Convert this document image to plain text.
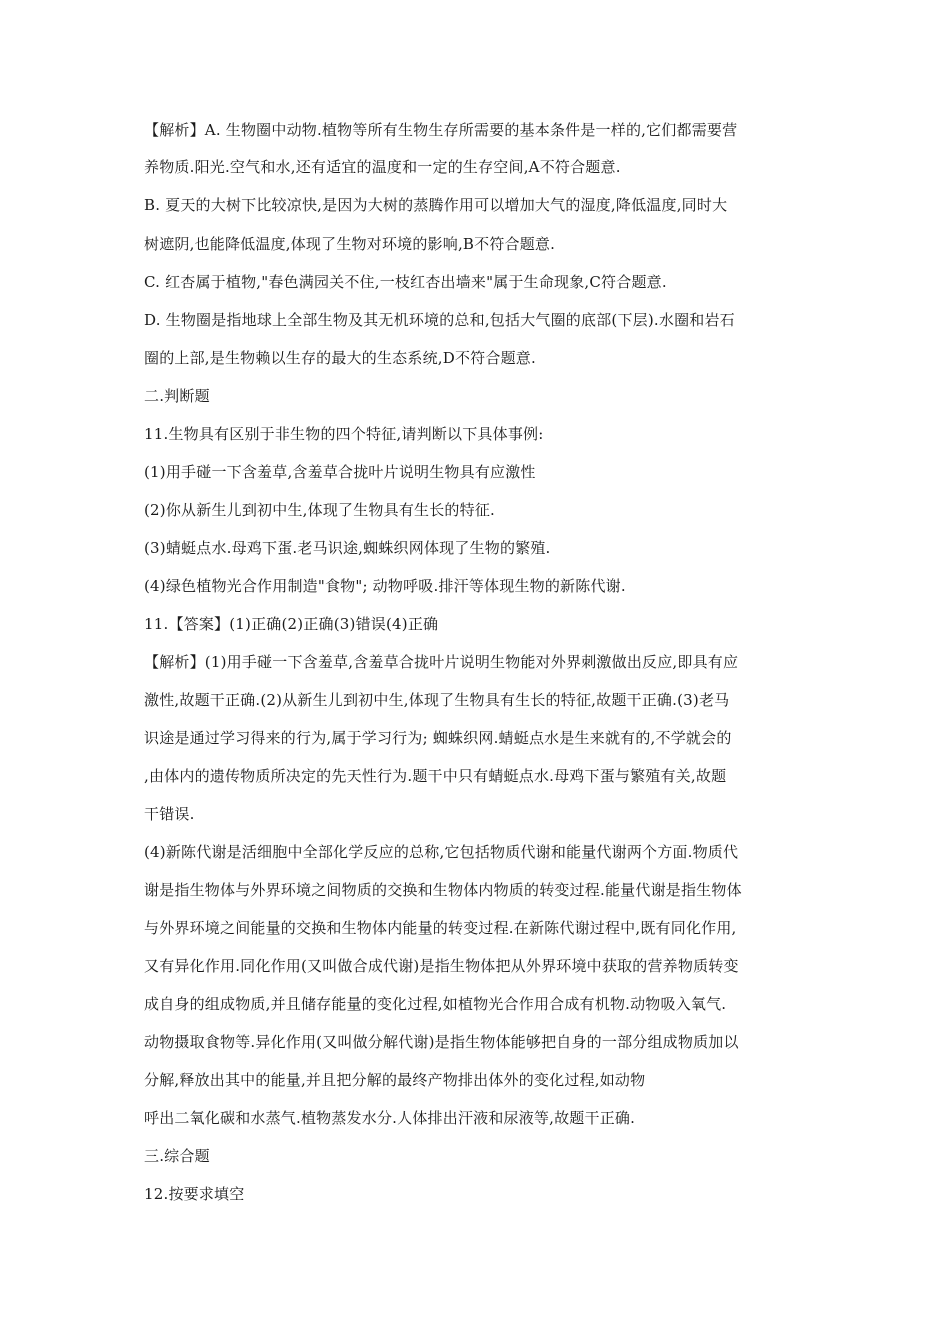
【解析】A. 生物圈中动物.植物等所有生物生存所需要的基本条件是一样的,它们都需要营
养物质.阳光.空气和水,还有适宜的温度和一定的生存空间,A不符合题意.
B. 夏天的大树下比较凉快,是因为大树的蒸腾作用可以增加大气的湿度,降低温度,同时大
树遮阴,也能降低温度,体现了生物对环境的影响,B不符合题意.
C. 红杏属于植物,"春色满园关不住,一枝红杏出墙来"属于生命现象,C符合题意.
D. 生物圈是指地球上全部生物及其无机环境的总和,包括大气圈的底部(下层).水圈和岩石
圈的上部,是生物赖以生存的最大的生态系统,D不符合题意.
二.判断题
11.生物具有区别于非生物的四个特征,请判断以下具体事例:
(1)用手碰一下含羞草,含羞草合拢叶片说明生物具有应激性
(2)你从新生儿到初中生,体现了生物具有生长的特征.
(3)蜻蜓点水.母鸡下蛋.老马识途,蜘蛛织网体现了生物的繁殖.
(4)绿色植物光合作用制造"食物"; 动物呼吸.排汗等体现生物的新陈代谢.
11.【答案】(1)正确(2)正确(3)错误(4)正确
【解析】(1)用手碰一下含羞草,含羞草合拢叶片说明生物能对外界刺激做出反应,即具有应
激性,故题干正确.(2)从新生儿到初中生,体现了生物具有生长的特征,故题干正确.(3)老马
识途是通过学习得来的行为,属于学习行为; 蜘蛛织网.蜻蜓点水是生来就有的,不学就会的
,由体内的遗传物质所决定的先天性行为.题干中只有蜻蜓点水.母鸡下蛋与繁殖有关,故题
干错误.
(4)新陈代谢是活细胞中全部化学反应的总称,它包括物质代谢和能量代谢两个方面.物质代
谢是指生物体与外界环境之间物质的交换和生物体内物质的转变过程.能量代谢是指生物体
与外界环境之间能量的交换和生物体内能量的转变过程.在新陈代谢过程中,既有同化作用,
又有异化作用.同化作用(又叫做合成代谢)是指生物体把从外界环境中获取的营养物质转变
成自身的组成物质,并且储存能量的变化过程,如植物光合作用合成有机物.动物吸入氧气.
动物摄取食物等.异化作用(又叫做分解代谢)是指生物体能够把自身的一部分组成物质加以
分解,释放出其中的能量,并且把分解的最终产物排出体外的变化过程,如动物
呼出二氧化碳和水蒸气.植物蒸发水分.人体排出汗液和尿液等,故题干正确.
三.综合题
12.按要求填空
